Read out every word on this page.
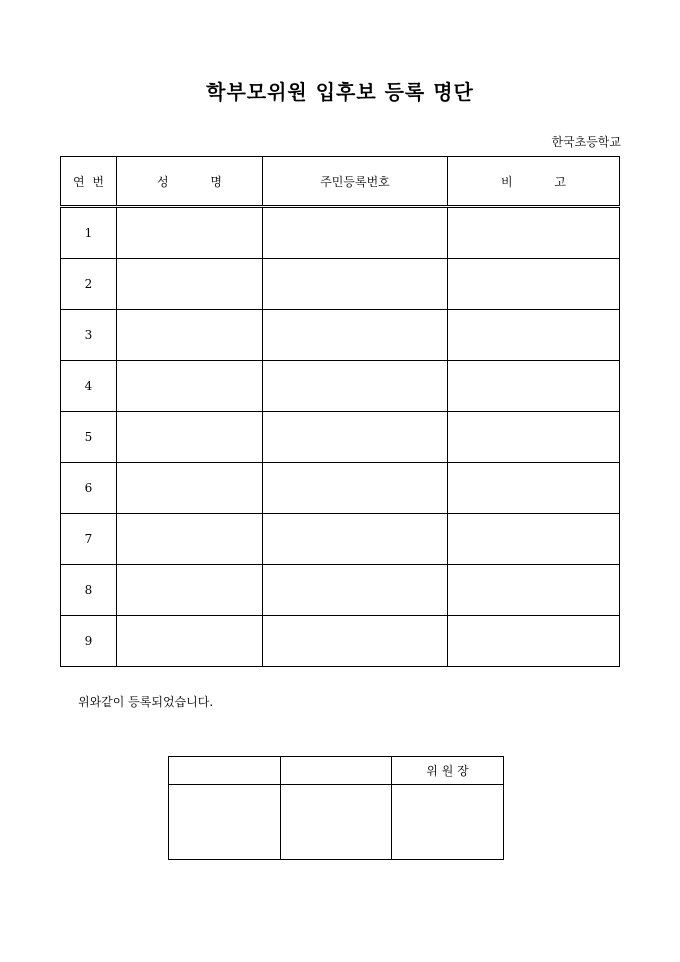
학부모위원 입후보 등록 명단
한국초등학교
연 번	성 명	주민등록번호	비 고
1			
2			
3			
4			
5			
6			
7			
8			
9			
위와같이 등록되었습니다.
		위 원 장
